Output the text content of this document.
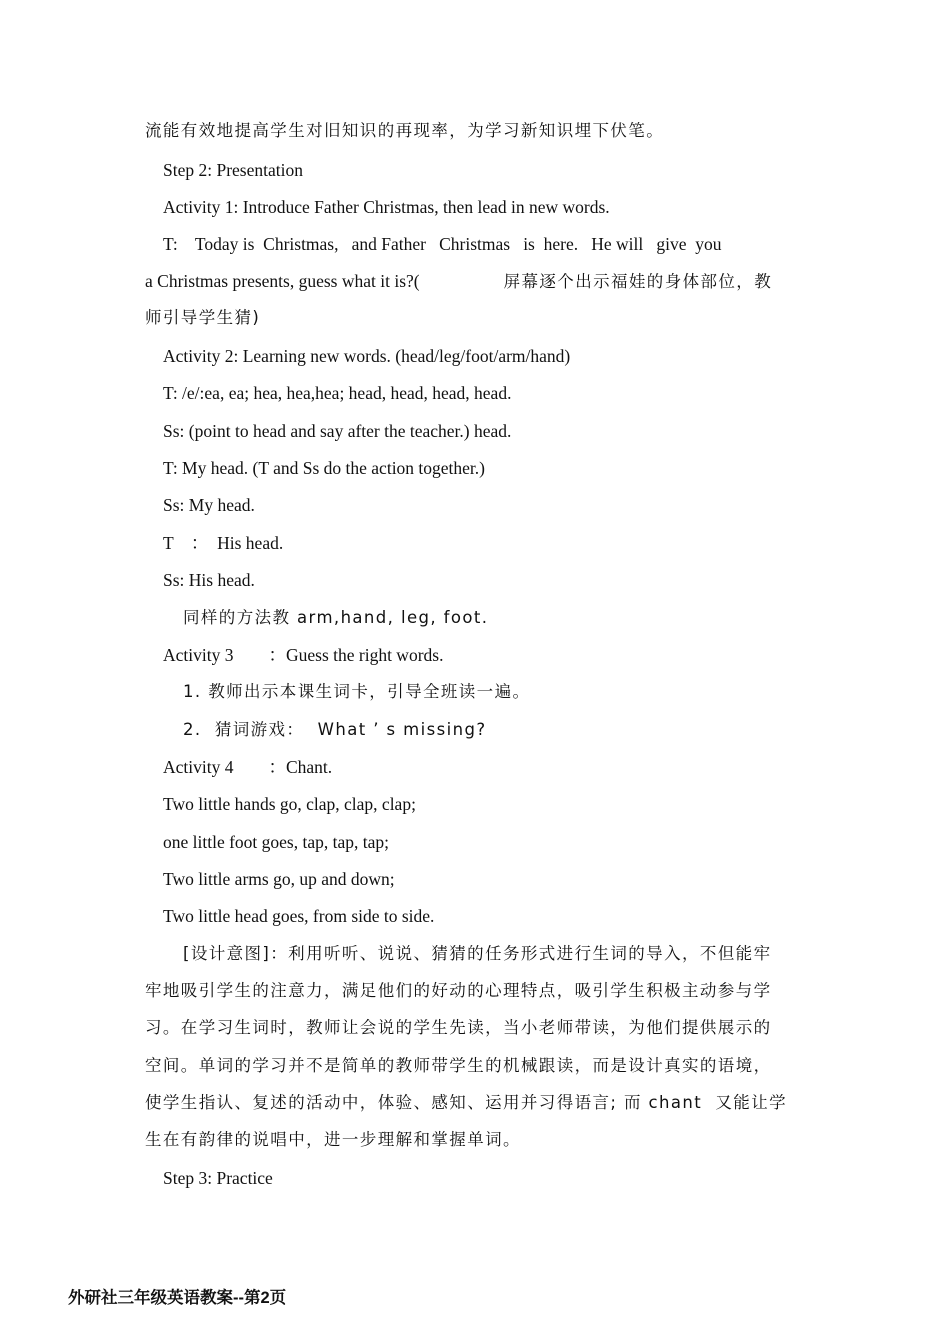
流能有效地提高学生对旧知识的再现率，为学习新知识埋下伏笔。
Step 2: Presentation
Activity 1: Introduce Father Christmas, then lead in new words.
T:    Today is  Christmas,   and Father   Christmas   is  here.   He will   give  you
a Christmas presents, guess what it is?(	屏幕逐个出示福娃的身体部位，教
师引导学生猜)
Activity 2: Learning new words. (head/leg/foot/arm/hand)
T: /e/:ea, ea; hea, hea,hea; head, head, head, head.
Ss: (point to head and say after the teacher.) head.
T: My head. (T and Ss do the action together.)
Ss: My head.
T    ：  His head.
Ss: His head.
同样的方法教 arm,hand, leg, foot.
Activity 3        ：Guess the right words.
1. 教师出示本课生词卡，引导全班读一遍。
2.  猜词游戏：  What ’ s missing?
Activity 4        ：Chant.
Two little hands go, clap, clap, clap;
one little foot goes, tap, tap, tap;
Two little arms go, up and down;
Two little head goes, from side to side.
[设计意图]：利用听听、说说、猜猜的任务形式进行生词的导入，不但能牢
牢地吸引学生的注意力，满足他们的好动的心理特点，吸引学生积极主动参与学
习。在学习生词时，教师让会说的学生先读，当小老师带读，为他们提供展示的
空间。单词的学习并不是简单的教师带学生的机械跟读，而是设计真实的语境，
使学生指认、复述的活动中，体验、感知、运用并习得语言; 而 chant  又能让学
生在有韵律的说唱中，进一步理解和掌握单词。
Step 3: Practice
外研社三年级英语教案--第2页
